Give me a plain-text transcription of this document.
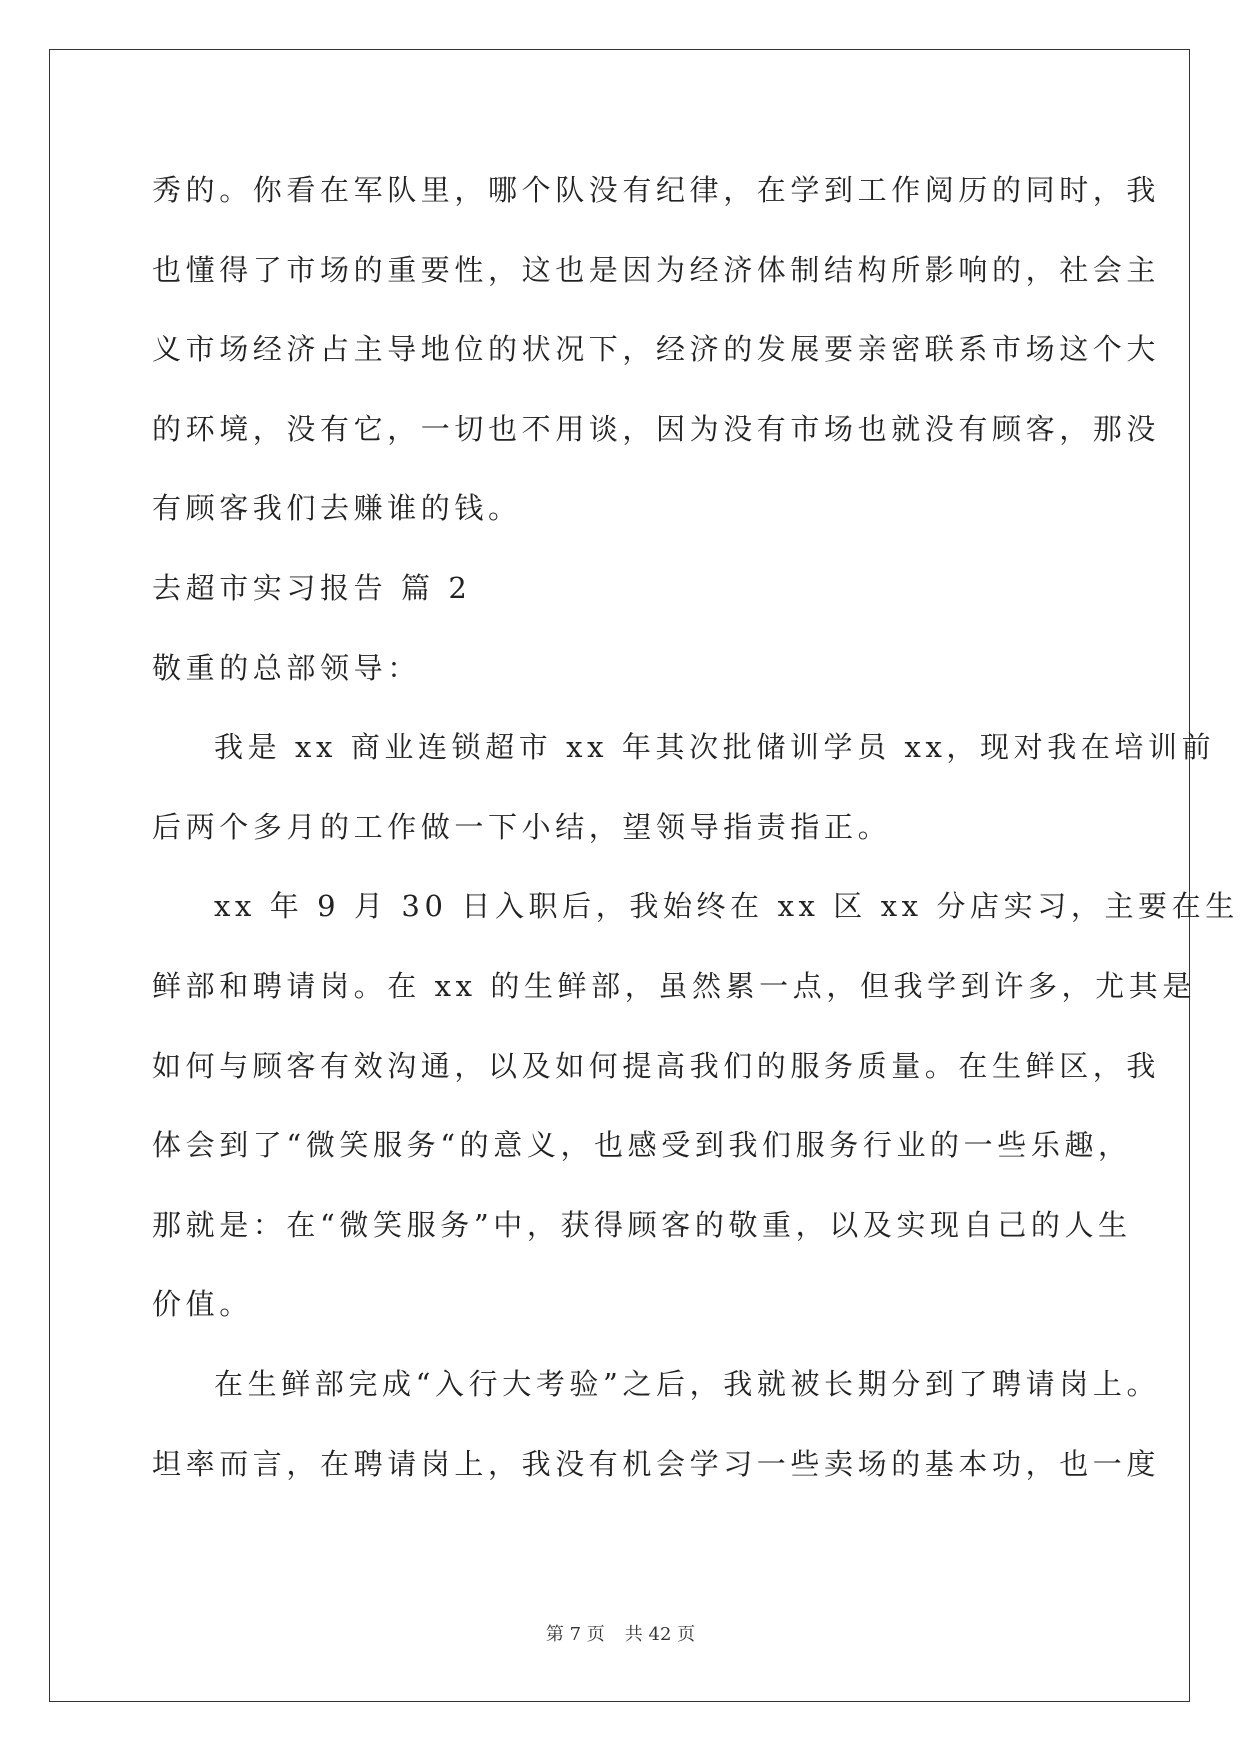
秀的。你看在军队里，哪个队没有纪律，在学到工作阅历的同时，我
也懂得了市场的重要性，这也是因为经济体制结构所影响的，社会主
义市场经济占主导地位的状况下，经济的发展要亲密联系市场这个大
的环境，没有它，一切也不用谈，因为没有市场也就没有顾客，那没
有顾客我们去赚谁的钱。
去超市实习报告 篇 2
敬重的总部领导：
我是 xx 商业连锁超市 xx 年其次批储训学员 xx，现对我在培训前
后两个多月的工作做一下小结，望领导指责指正。
xx 年 9 月 30 日入职后，我始终在 xx 区 xx 分店实习，主要在生
鲜部和聘请岗。在 xx 的生鲜部，虽然累一点，但我学到许多，尤其是
如何与顾客有效沟通，以及如何提高我们的服务质量。在生鲜区，我
体会到了“微笑服务“的意义，也感受到我们服务行业的一些乐趣，
那就是：在“微笑服务”中，获得顾客的敬重，以及实现自己的人生
价值。
在生鲜部完成“入行大考验”之后，我就被长期分到了聘请岗上。
坦率而言，在聘请岗上，我没有机会学习一些卖场的基本功，也一度
第 7 页 共 42 页
